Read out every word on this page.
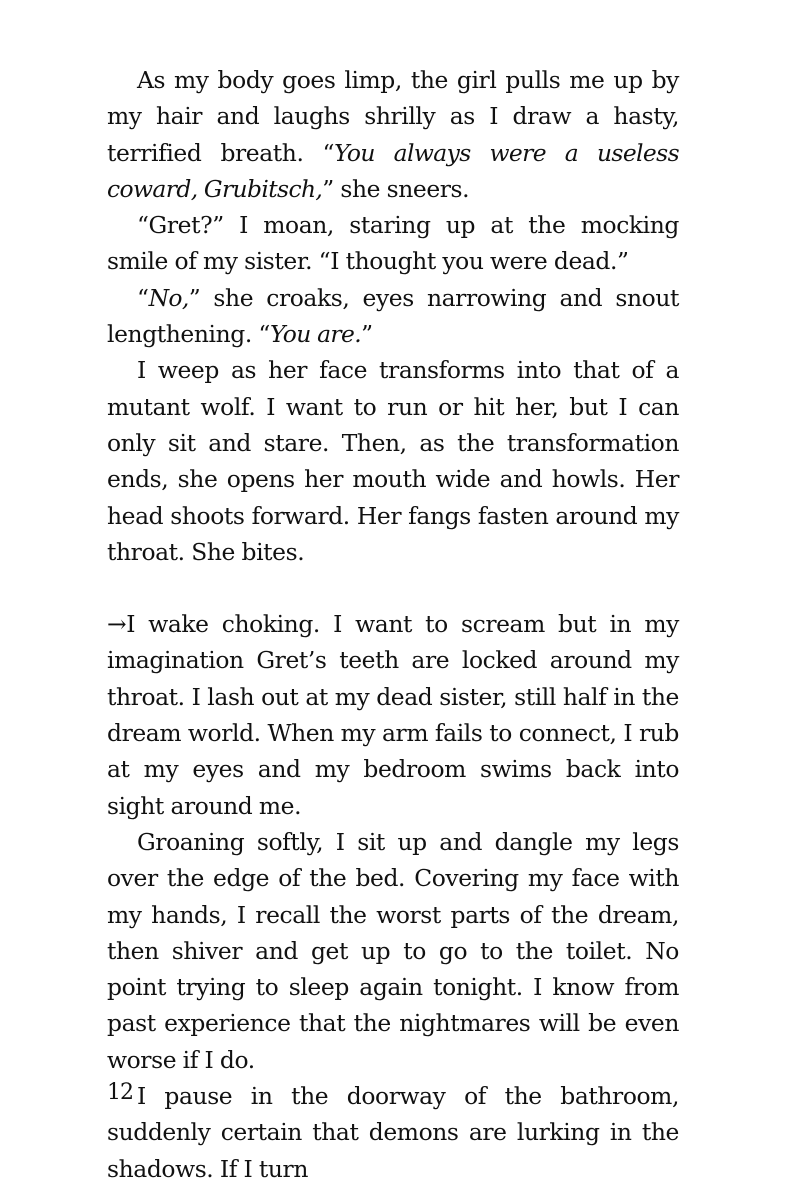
As my body goes limp, the girl pulls me up by my hair and laughs shrilly as I draw a hasty, terrified breath. “You always were a useless coward, Grubitsch,” she sneers.

“Gret?” I moan, staring up at the mocking smile of my sister. “I thought you were dead.”

“No,” she croaks, eyes narrowing and snout lengthening. “You are.”

I weep as her face transforms into that of a mutant wolf. I want to run or hit her, but I can only sit and stare. Then, as the transformation ends, she opens her mouth wide and howls. Her head shoots forward. Her fangs fasten around my throat. She bites.

→I wake choking. I want to scream but in my imagination Gret’s teeth are locked around my throat. I lash out at my dead sister, still half in the dream world. When my arm fails to connect, I rub at my eyes and my bedroom swims back into sight around me.

Groaning softly, I sit up and dangle my legs over the edge of the bed. Covering my face with my hands, I recall the worst parts of the dream, then shiver and get up to go to the toilet. No point trying to sleep again tonight. I know from past experience that the nightmares will be even worse if I do.

I pause in the doorway of the bathroom, suddenly certain that demons are lurking in the shadows. If I turn

12
